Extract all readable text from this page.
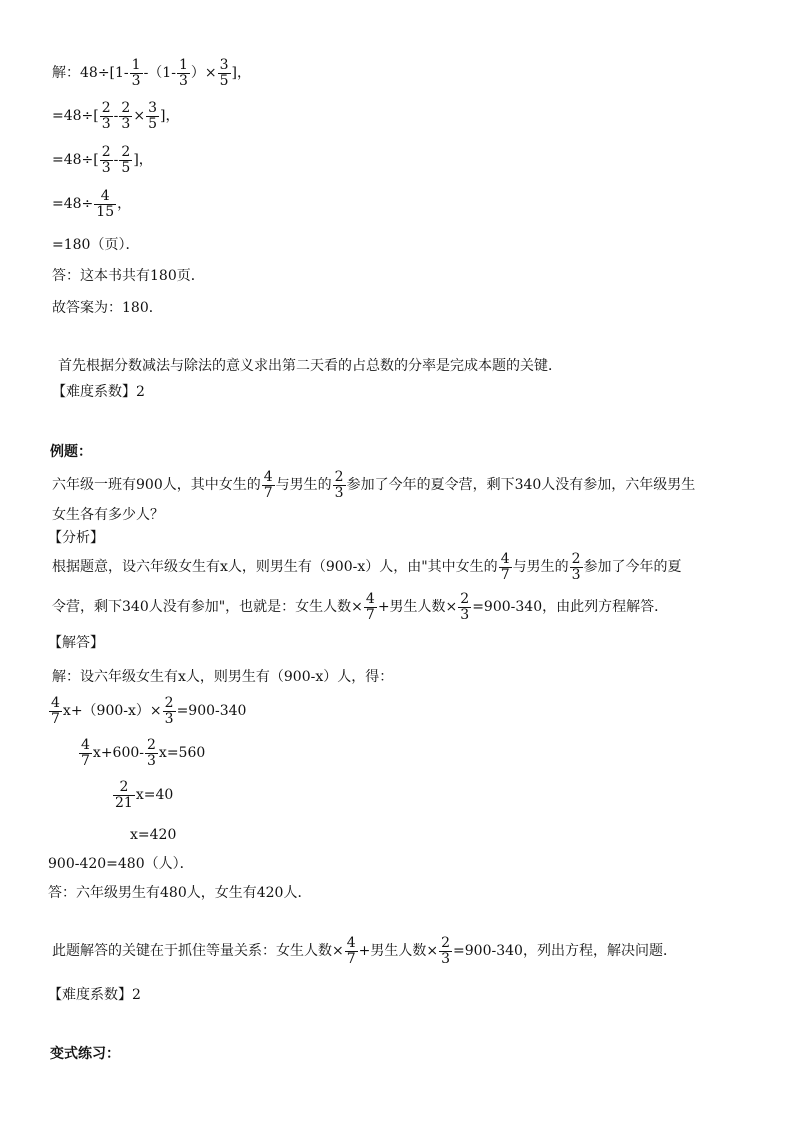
解：$48\div[1- \frac{1}{3} -(1- \frac{1}{3}$ ）× $\frac{3}{5}$ ]，
$=48\div[ \frac{2}{3} - \frac{2}{3} \times \frac{3}{5}$ ]，
$=48\div[ \frac{2}{3} - \frac{2}{5}$ ]，
$=48\div \frac{4}{15}$ ，
=180（页）．
答：这本书共有180页．
故答案为：180．
首先根据分数减法与除法的意义求出第二天看的占总数的分率是完成本题的关键．
【难度系数】2
例题：
六年级一班有900人，其中女生的 $\frac{4}{7}$ 与男生的 $\frac{2}{3}$ 参加了今年的夏令营，剩下340人没有参加，六年级男生
女生各有多少人？
【分析】
根据题意，设六年级女生有x人，则男生有（900-x）人，由"其中女生的 $\frac{4}{7}$ 与男生的 $\frac{2}{3}$ 参加了今年的夏
令营，剩下340人没有参加"，也就是：女生人数× $\frac{4}{7}$ +男生人数× $\frac{2}{3} =900-340$，由此列方程解答．
【解答】
解：设六年级女生有x人，则男生有（900-x）人，得：
$\frac{4}{7} x+(900-x)\times \frac{2}{3} =900-340$
$\frac{4}{7} x+600- \frac{2}{3} x=560$
$\frac{2}{21} x=40$
x=420
900-420=480（人）．
答：六年级男生有480人，女生有420人．
此题解答的关键在于抓住等量关系：女生人数× $\frac{4}{7}$ +男生人数× $\frac{2}{3} =900-340$，列出方程，解决问题．
【难度系数】2
变式练习：
